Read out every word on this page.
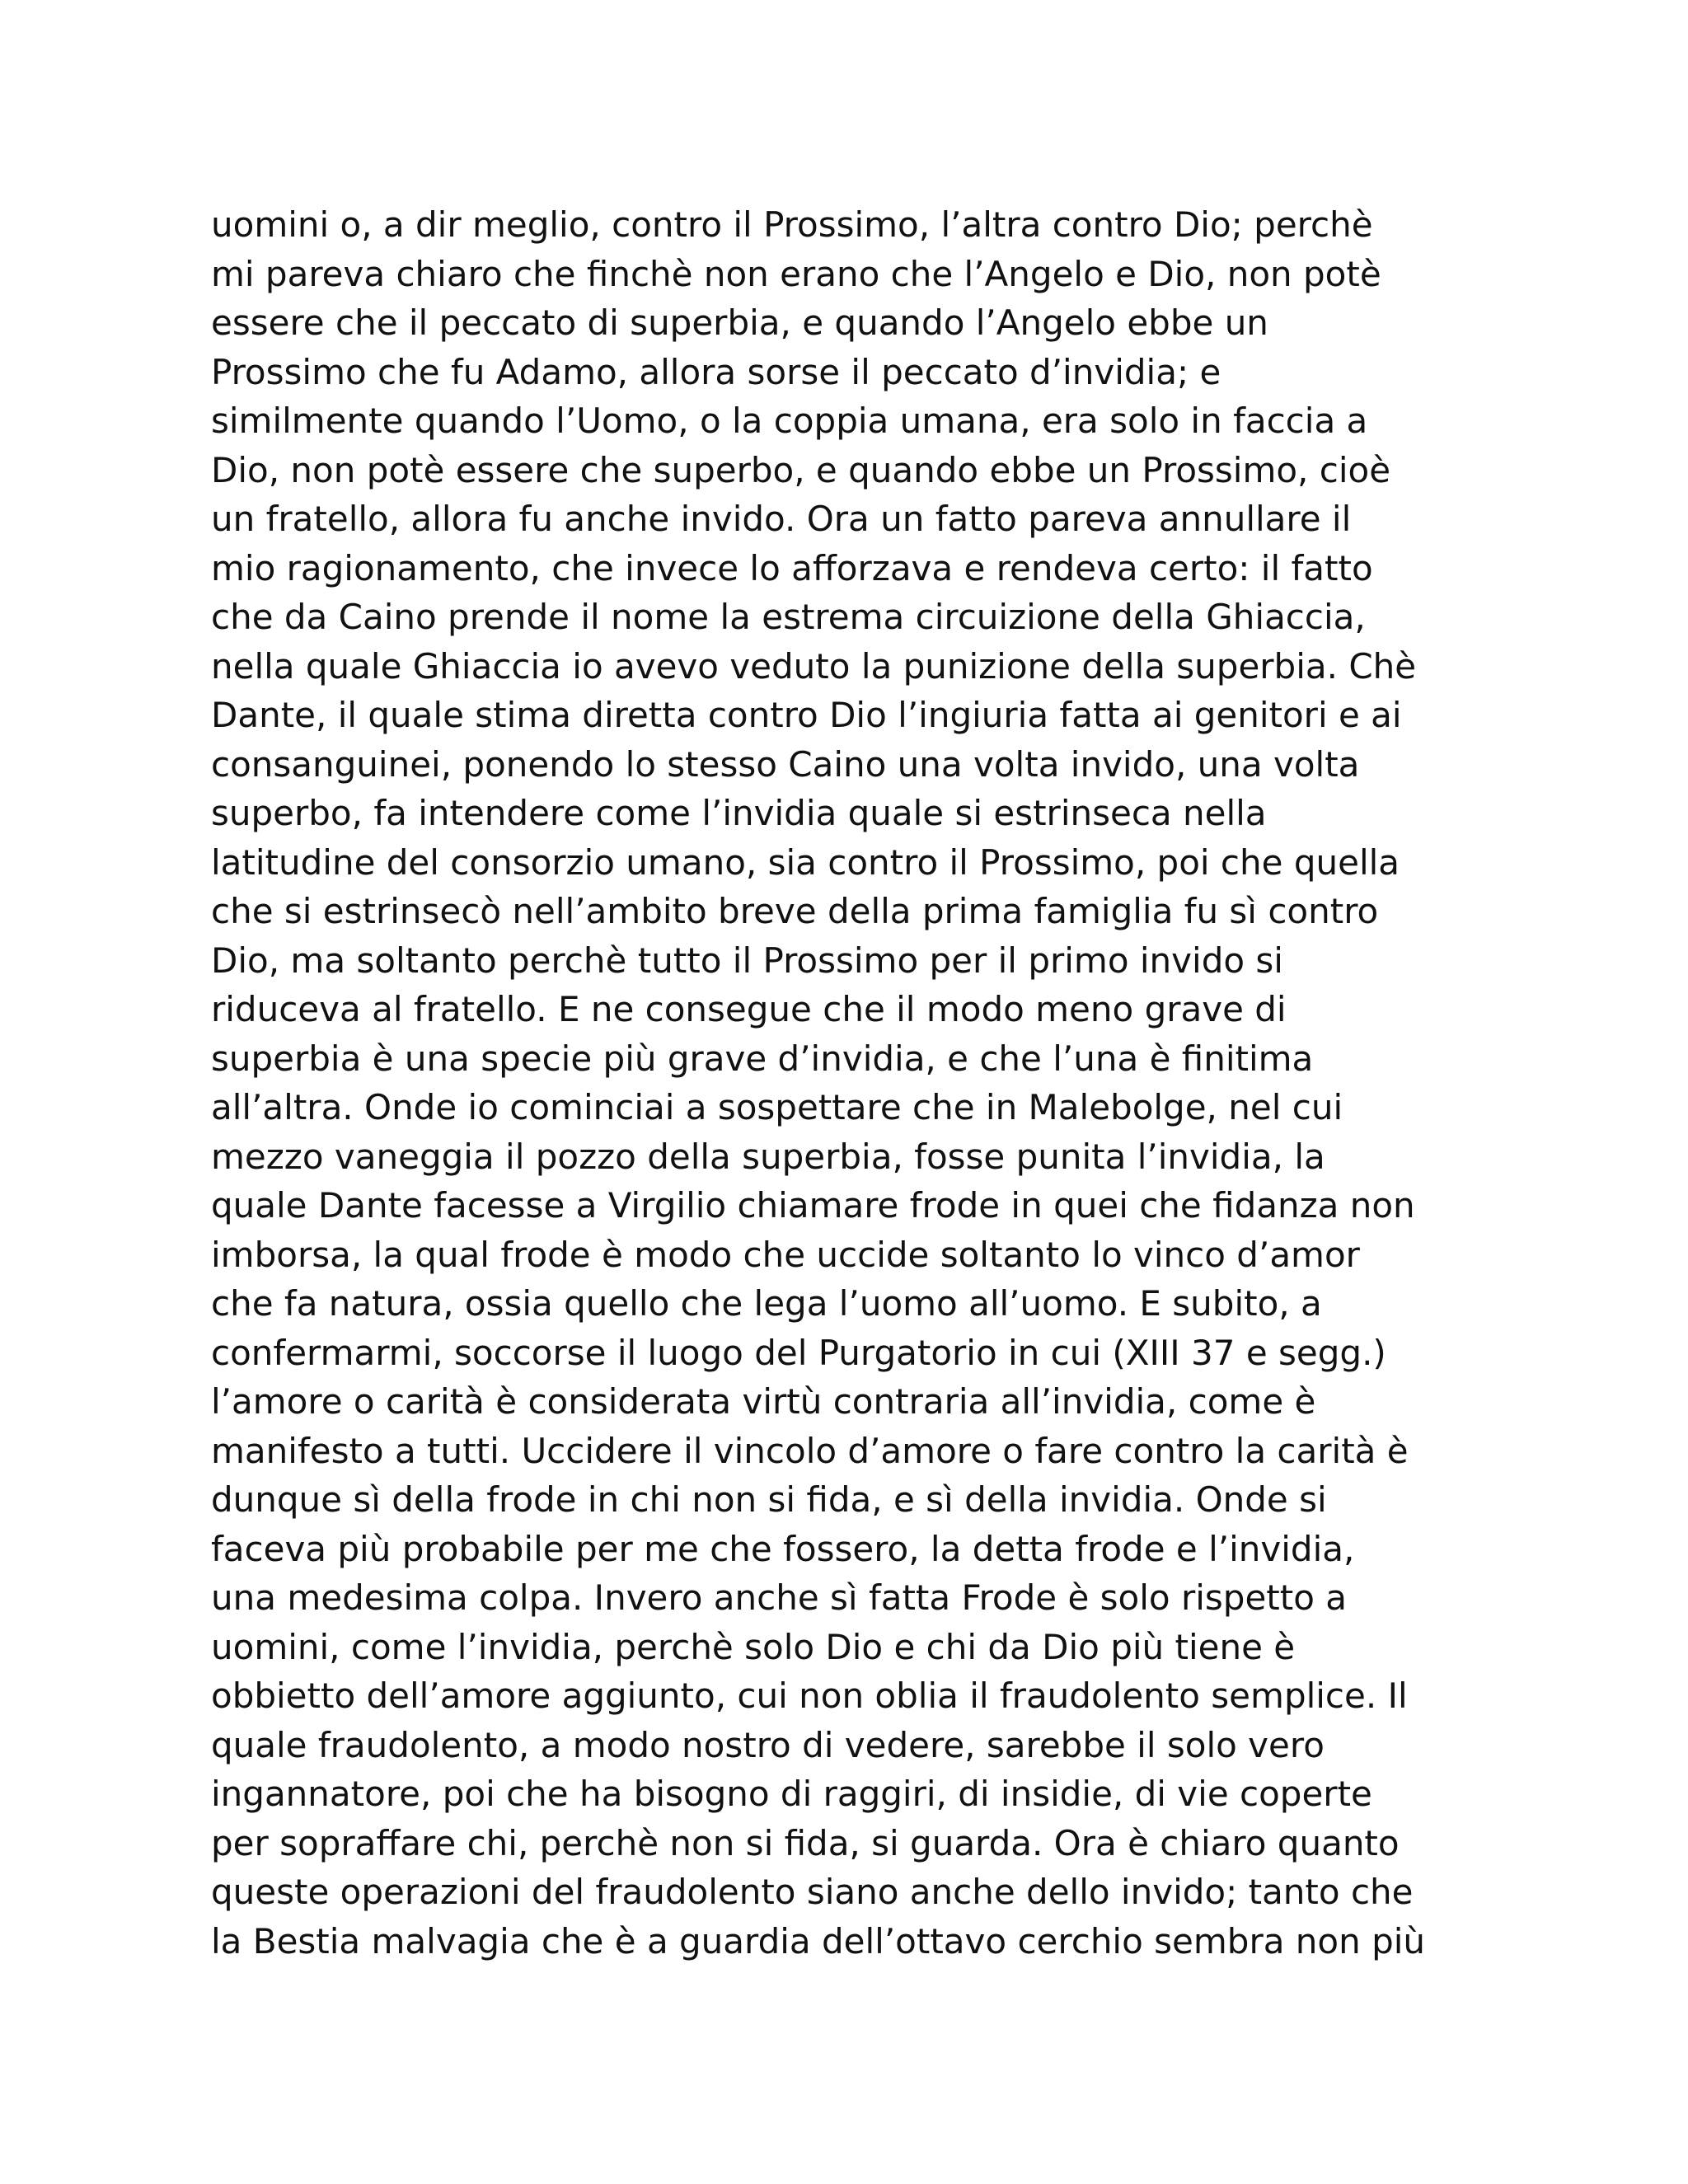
uomini o, a dir meglio, contro il Prossimo, l’altra contro Dio; perchè
mi pareva chiaro che finchè non erano che l’Angelo e Dio, non potè
essere che il peccato di superbia, e quando l’Angelo ebbe un
Prossimo che fu Adamo, allora sorse il peccato d’invidia; e
similmente quando l’Uomo, o la coppia umana, era solo in faccia a
Dio, non potè essere che superbo, e quando ebbe un Prossimo, cioè
un fratello, allora fu anche invido. Ora un fatto pareva annullare il
mio ragionamento, che invece lo afforzava e rendeva certo: il fatto
che da Caino prende il nome la estrema circuizione della Ghiaccia,
nella quale Ghiaccia io avevo veduto la punizione della superbia. Chè
Dante, il quale stima diretta contro Dio l’ingiuria fatta ai genitori e ai
consanguinei, ponendo lo stesso Caino una volta invido, una volta
superbo, fa intendere come l’invidia quale si estrinseca nella
latitudine del consorzio umano, sia contro il Prossimo, poi che quella
che si estrinsecò nell’ambito breve della prima famiglia fu sì contro
Dio, ma soltanto perchè tutto il Prossimo per il primo invido si
riduceva al fratello. E ne consegue che il modo meno grave di
superbia è una specie più grave d’invidia, e che l’una è finitima
all’altra. Onde io cominciai a sospettare che in Malebolge, nel cui
mezzo vaneggia il pozzo della superbia, fosse punita l’invidia, la
quale Dante facesse a Virgilio chiamare frode in quei che fidanza non
imborsa, la qual frode è modo che uccide soltanto lo vinco d’amor
che fa natura, ossia quello che lega l’uomo all’uomo. E subito, a
confermarmi, soccorse il luogo del Purgatorio in cui (XIII 37 e segg.)
l’amore o carità è considerata virtù contraria all’invidia, come è
manifesto a tutti. Uccidere il vincolo d’amore o fare contro la carità è
dunque sì della frode in chi non si fida, e sì della invidia. Onde si
faceva più probabile per me che fossero, la detta frode e l’invidia,
una medesima colpa. Invero anche sì fatta Frode è solo rispetto a
uomini, come l’invidia, perchè solo Dio e chi da Dio più tiene è
obbietto dell’amore aggiunto, cui non oblia il fraudolento semplice. Il
quale fraudolento, a modo nostro di vedere, sarebbe il solo vero
ingannatore, poi che ha bisogno di raggiri, di insidie, di vie coperte
per sopraffare chi, perchè non si fida, si guarda. Ora è chiaro quanto
queste operazioni del fraudolento siano anche dello invido; tanto che
la Bestia malvagia che è a guardia dell’ottavo cerchio sembra non più
